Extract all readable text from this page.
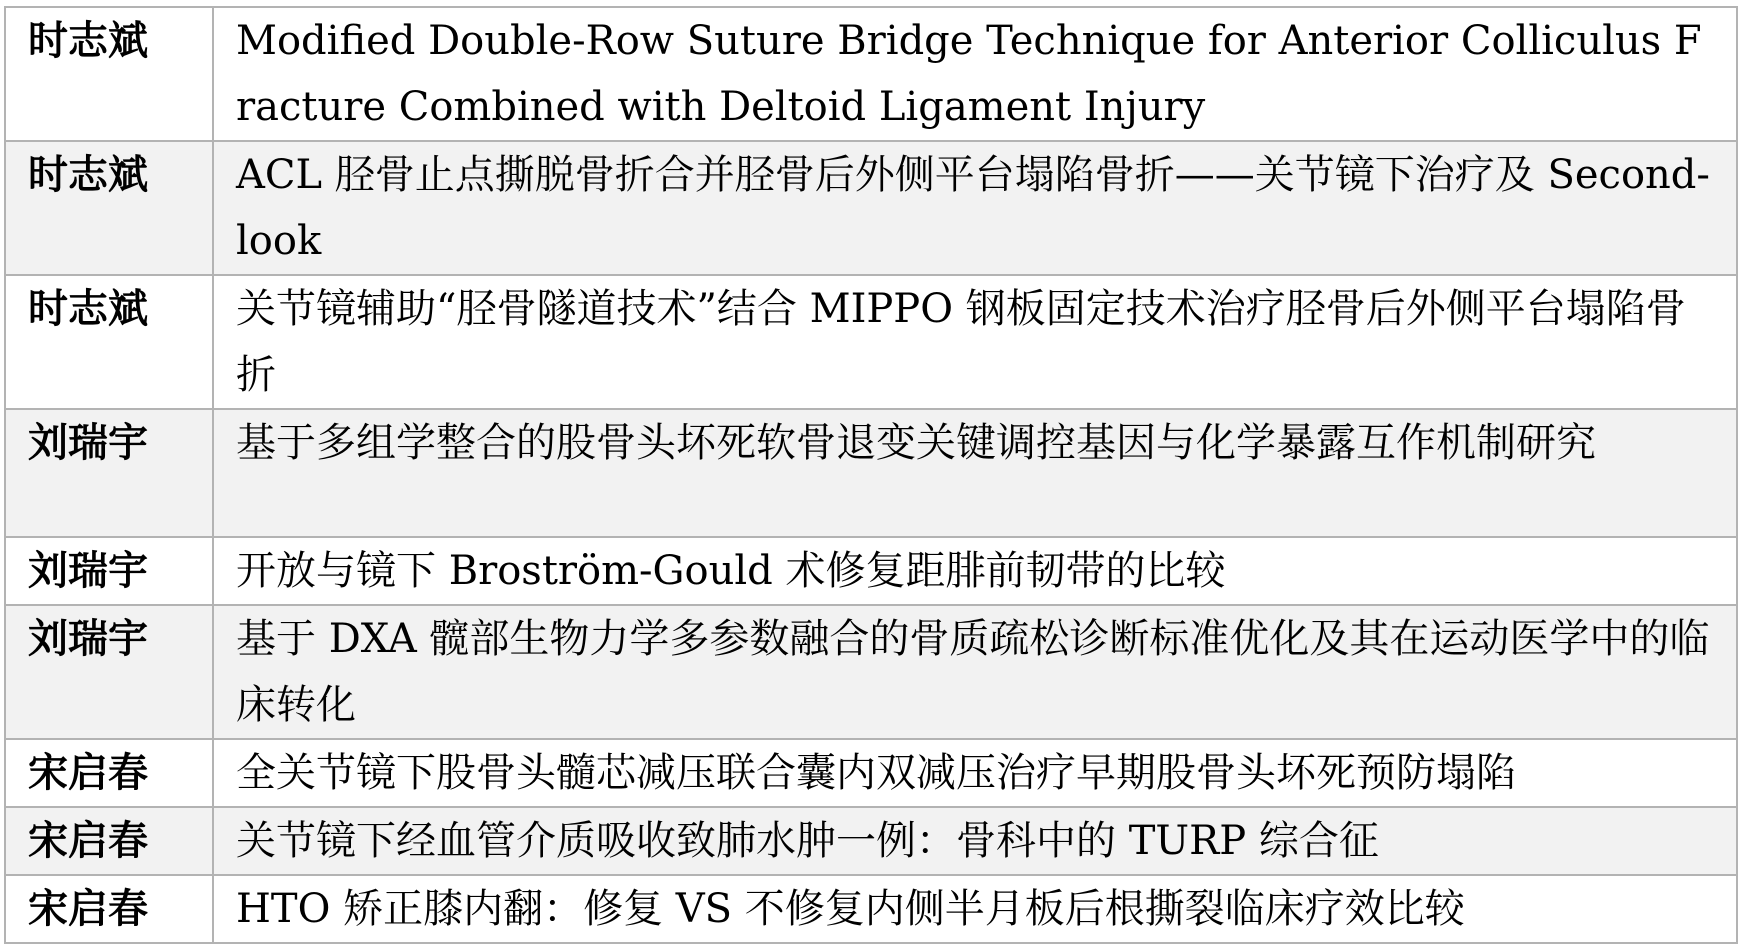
时志斌	Modified Double-Row Suture Bridge Technique for Anterior Colliculus Fracture Combined with Deltoid Ligament Injury
时志斌	ACL 胫骨止点撕脱骨折合并胫骨后外侧平台塌陷骨折——关节镜下治疗及 Second-look
时志斌	关节镜辅助“胫骨隧道技术”结合 MIPPO 钢板固定技术治疗胫骨后外侧平台塌陷骨折
刘瑞宇	基于多组学整合的股骨头坏死软骨退变关键调控基因与化学暴露互作机制研究
刘瑞宇	开放与镜下 Broström-Gould 术修复距腓前韧带的比较
刘瑞宇	基于 DXA 髋部生物力学多参数融合的骨质疏松诊断标准优化及其在运动医学中的临床转化
宋启春	全关节镜下股骨头髓芯减压联合囊内双减压治疗早期股骨头坏死预防塌陷
宋启春	关节镜下经血管介质吸收致肺水肿一例：骨科中的 TURP 综合征
宋启春	HTO 矫正膝内翻：修复 VS 不修复内侧半月板后根撕裂临床疗效比较
